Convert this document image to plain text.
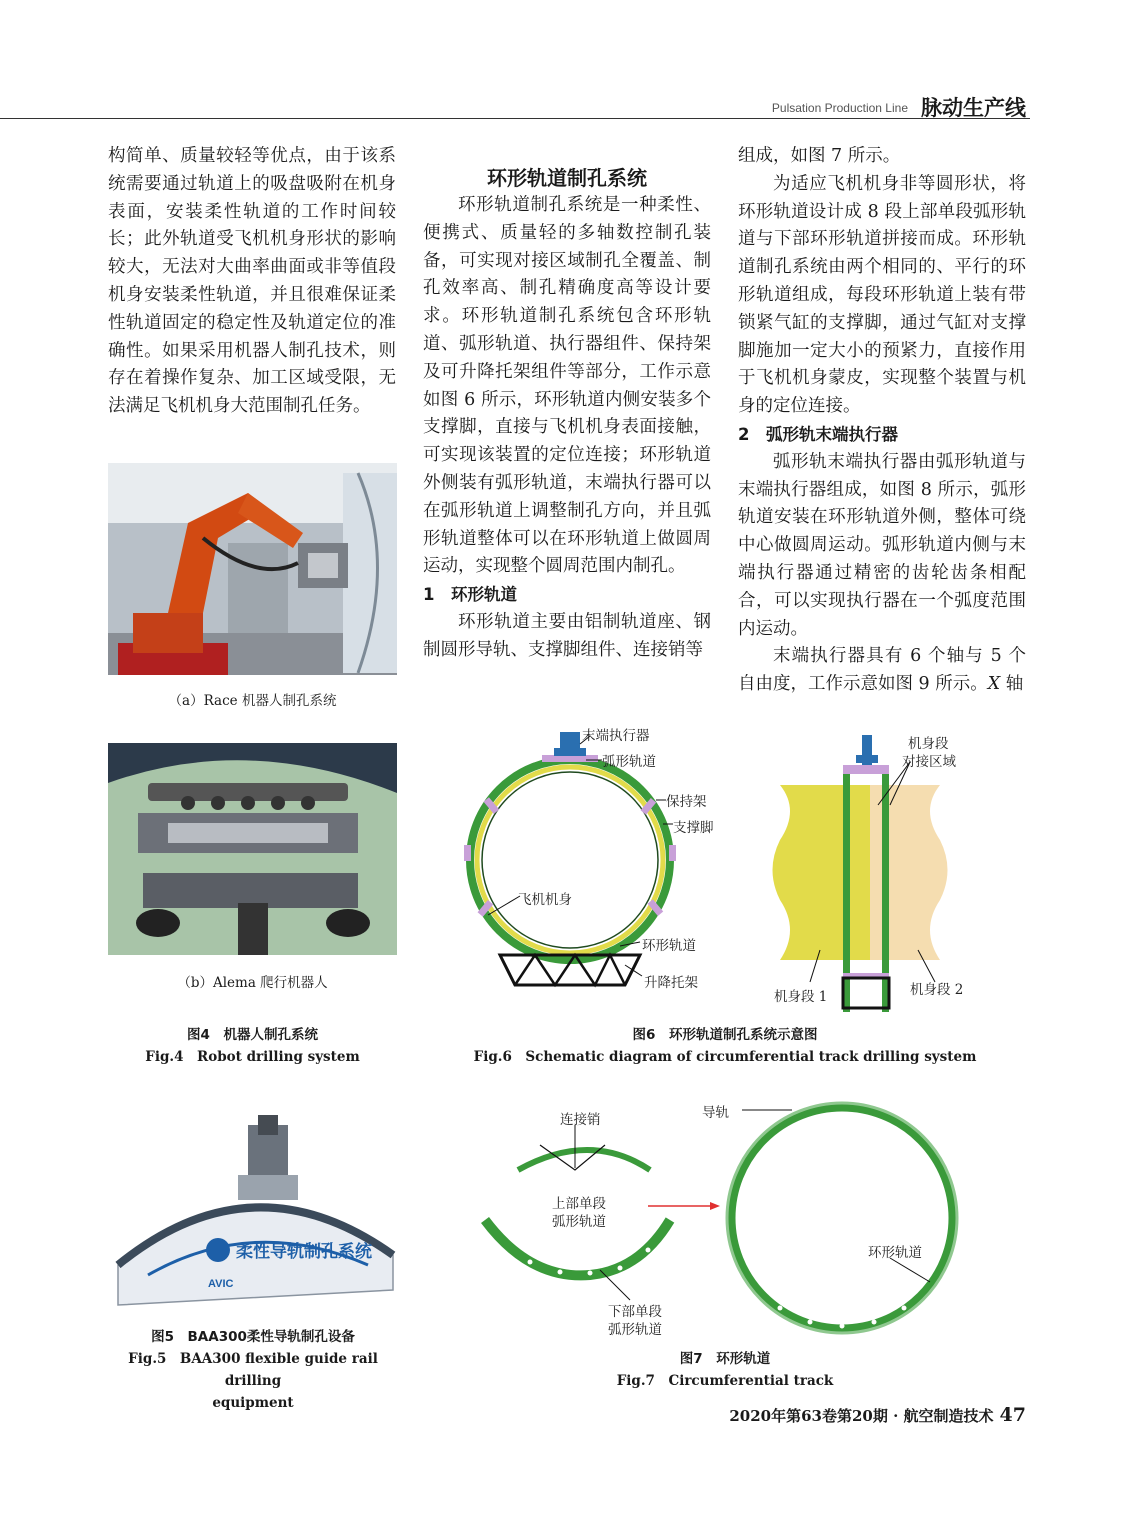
Pulsation Production Line 脉动生产线

构简单、质量较轻等优点，由于该系统需要通过轨道上的吸盘吸附在机身表面，安装柔性轨道的工作时间较长；此外轨道受飞机机身形状的影响较大，无法对大曲率曲面或非等值段机身安装柔性轨道，并且很难保证柔性轨道固定的稳定性及轨道定位的准确性。如果采用机器人制孔技术，则存在着操作复杂、加工区域受限，无法满足飞机机身大范围制孔任务。

环形轨道制孔系统

环形轨道制孔系统是一种柔性、便携式、质量轻的多轴数控制孔装备，可实现对接区域制孔全覆盖、制孔效率高、制孔精确度高等设计要求。环形轨道制孔系统包含环形轨道、弧形轨道、执行器组件、保持架及可升降托架组件等部分，工作示意如图 6 所示，环形轨道内侧安装多个支撑脚，直接与飞机机身表面接触，可实现该装置的定位连接；环形轨道外侧装有弧形轨道，末端执行器可以在弧形轨道上调整制孔方向，并且弧形轨道整体可以在环形轨道上做圆周运动，实现整个圆周范围内制孔。

1　环形轨道

环形轨道主要由铝制轨道座、钢制圆形导轨、支撑脚组件、连接销等

组成，如图 7 所示。

为适应飞机机身非等圆形状，将环形轨道设计成 8 段上部单段弧形轨道与下部环形轨道拼接而成。环形轨道制孔系统由两个相同的、平行的环形轨道组成，每段环形轨道上装有带锁紧气缸的支撑脚，通过气缸对支撑脚施加一定大小的预紧力，直接作用于飞机机身蒙皮，实现整个装置与机身的定位连接。

2　弧形轨末端执行器

弧形轨末端执行器由弧形轨道与末端执行器组成，如图 8 所示，弧形轨道安装在环形轨道外侧，整体可绕中心做圆周运动。弧形轨道内侧与末端执行器通过精密的齿轮齿条相配合，可以实现执行器在一个弧度范围内运动。

末端执行器具有 6 个轴与 5 个自由度，工作示意如图 9 所示。X 轴

（a）Race 机器人制孔系统
（b）Alema 爬行机器人
图4　机器人制孔系统
Fig.4　Robot drilling system
柔性导轨制孔系统
AVIC
图5　BAA300柔性导轨制孔设备
Fig.5　BAA300 flexible guide rail drilling
equipment
末端执行器
弧形轨道
保持架
支撑脚
飞机机身
环形轨道
升降托架
机身段
对接区域
机身段 1	机身段 2
图6　环形轨道制孔系统示意图
Fig.6　Schematic diagram of circumferential track drilling system
连接销
上部单段
弧形轨道
下部单段
弧形轨道
导轨
环形轨道
图7　环形轨道
Fig.7　Circumferential track
2020年第63卷第20期 · 航空制造技术 47
